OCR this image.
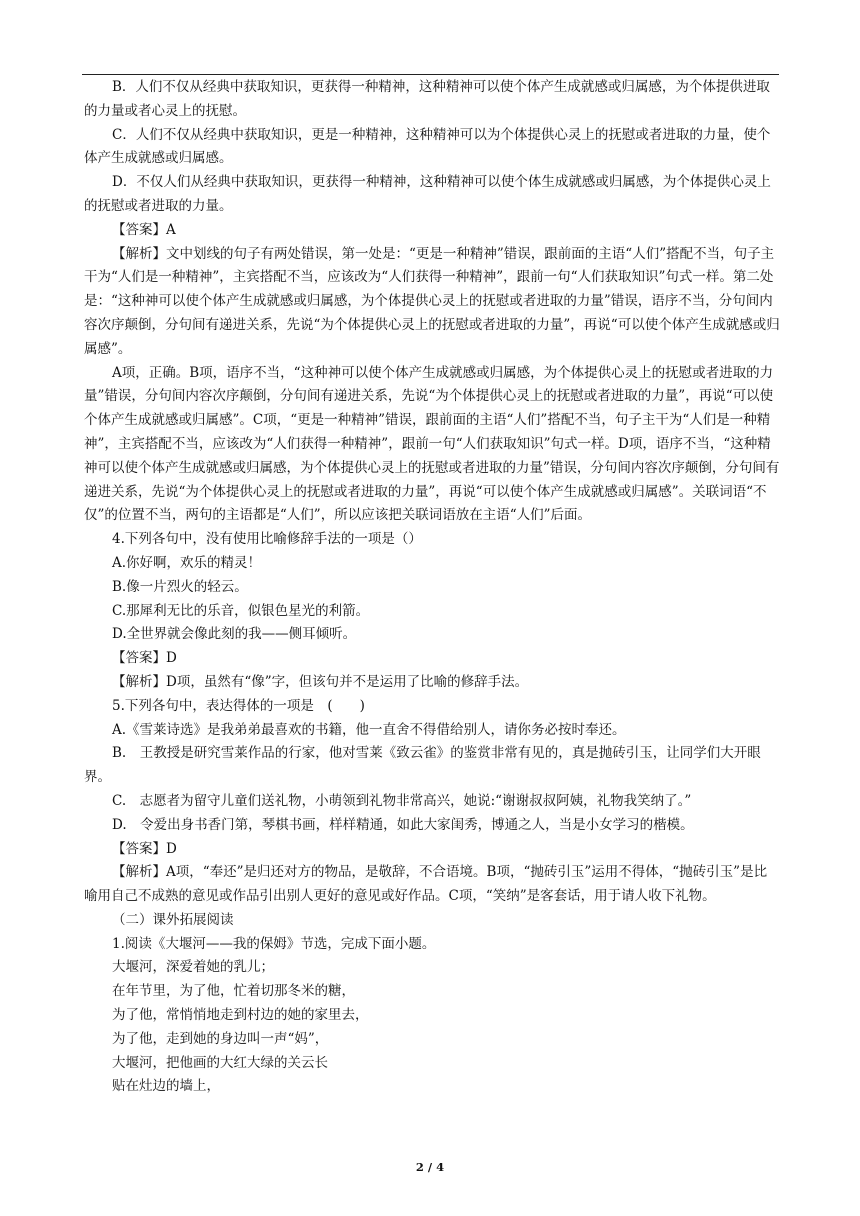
B．人们不仅从经典中获取知识，更获得一种精神，这种精神可以使个体产生成就感或归属感，为个体提供进取的力量或者心灵上的抚慰。

C．人们不仅从经典中获取知识，更是一种精神，这种精神可以为个体提供心灵上的抚慰或者进取的力量，使个体产生成就感或归属感。

D．不仅人们从经典中获取知识，更获得一种精神，这种精神可以使个体生成就感或归属感，为个体提供心灵上的抚慰或者进取的力量。

【答案】A

【解析】文中划线的句子有两处错误，第一处是：“更是一种精神”错误，跟前面的主语“人们”搭配不当，句子主干为“人们是一种精神”，主宾搭配不当，应该改为“人们获得一种精神”，跟前一句“人们获取知识”句式一样。第二处是：“这种神可以使个体产生成就感或归属感，为个体提供心灵上的抚慰或者进取的力量”错误，语序不当，分句间内容次序颠倒，分句间有递进关系，先说“为个体提供心灵上的抚慰或者进取的力量”，再说“可以使个体产生成就感或归属感”。

A项，正确。B项，语序不当，“这种神可以使个体产生成就感或归属感，为个体提供心灵上的抚慰或者进取的力量”错误，分句间内容次序颠倒，分句间有递进关系，先说“为个体提供心灵上的抚慰或者进取的力量”，再说“可以使个体产生成就感或归属感”。C项，“更是一种精神”错误，跟前面的主语“人们”搭配不当，句子主干为“人们是一种精神”，主宾搭配不当，应该改为“人们获得一种精神”，跟前一句“人们获取知识”句式一样。D项，语序不当，“这种精神可以使个体产生成就感或归属感，为个体提供心灵上的抚慰或者进取的力量”错误，分句间内容次序颠倒，分句间有递进关系，先说“为个体提供心灵上的抚慰或者进取的力量”，再说“可以使个体产生成就感或归属感”。关联词语“不仅”的位置不当，两句的主语都是“人们”，所以应该把关联词语放在主语“人们”后面。

4.下列各句中，没有使用比喻修辞手法的一项是（）

A.你好啊，欢乐的精灵！

B.像一片烈火的轻云。

C.那犀利无比的乐音，似银色星光的利箭。

D.全世界就会像此刻的我——侧耳倾听。

【答案】D

【解析】D项，虽然有“像”字，但该句并不是运用了比喻的修辞手法。

5.下列各句中，表达得体的一项是　(　　)

A.《雪莱诗选》是我弟弟最喜欢的书籍，他一直舍不得借给别人，请你务必按时奉还。

B.　王教授是研究雪莱作品的行家，他对雪莱《致云雀》的鉴赏非常有见的，真是抛砖引玉，让同学们大开眼界。

C.　志愿者为留守儿童们送礼物，小萌领到礼物非常高兴，她说:“谢谢叔叔阿姨，礼物我笑纳了。”

D.　令爱出身书香门第，琴棋书画，样样精通，如此大家闺秀，博通之人，当是小女学习的楷模。

【答案】D

【解析】A项，“奉还”是归还对方的物品，是敬辞，不合语境。B项，“抛砖引玉”运用不得体，“抛砖引玉”是比喻用自己不成熟的意见或作品引出别人更好的意见或好作品。C项，“笑纳”是客套话，用于请人收下礼物。

（二）课外拓展阅读

1.阅读《大堰河——我的保姆》节选，完成下面小题。

大堰河，深爱着她的乳儿；

在年节里，为了他，忙着切那冬米的糖，

为了他，常悄悄地走到村边的她的家里去，

为了他，走到她的身边叫一声“妈”，

大堰河，把他画的大红大绿的关云长

贴在灶边的墙上，

2 / 4
